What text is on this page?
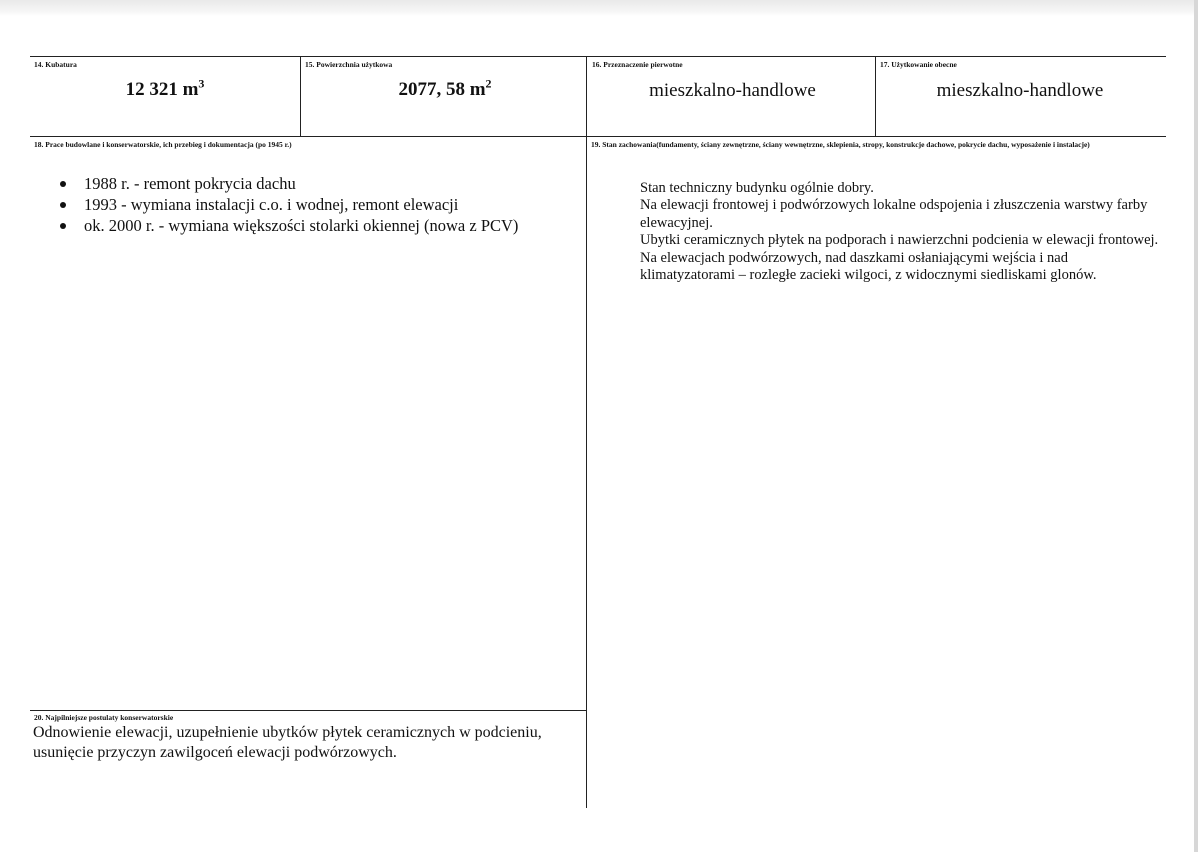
14. Kubatura
12 321 $m^3$
15. Powierzchnia użytkowa
2077, 58 $m^2$
16. Przeznaczenie pierwotne
mieszkalno-handlowe
17. Użytkowanie obecne
mieszkalno-handlowe
18. Prace budowlane i konserwatorskie, ich przebieg i dokumentacja (po 1945 r.)
1988 r. - remont pokrycia dachu
1993 - wymiana instalacji c.o. i wodnej, remont elewacji
ok. 2000 r. - wymiana większości stolarki okiennej (nowa z PCV)
19. Stan zachowania(fundamenty, ściany zewnętrzne, ściany wewnętrzne, sklepienia, stropy, konstrukcje dachowe, pokrycie dachu, wyposażenie i instalacje)

Stan techniczny budynku ogólnie dobry.

Na elewacji frontowej i podwórzowych lokalne odspojenia i złuszczenia warstwy farby elewacyjnej.

Ubytki ceramicznych płytek na podporach i nawierzchni podcienia w elewacji frontowej.

Na elewacjach podwórzowych, nad daszkami osłaniającymi wejścia i nad klimatyzatorami – rozległe zacieki wilgoci, z widocznymi siedliskami glonów.

20. Najpilniejsze postulaty konserwatorskie
Odnowienie elewacji, uzupełnienie ubytków płytek ceramicznych w podcieniu, usunięcie przyczyn zawilgoceń elewacji podwórzowych.
